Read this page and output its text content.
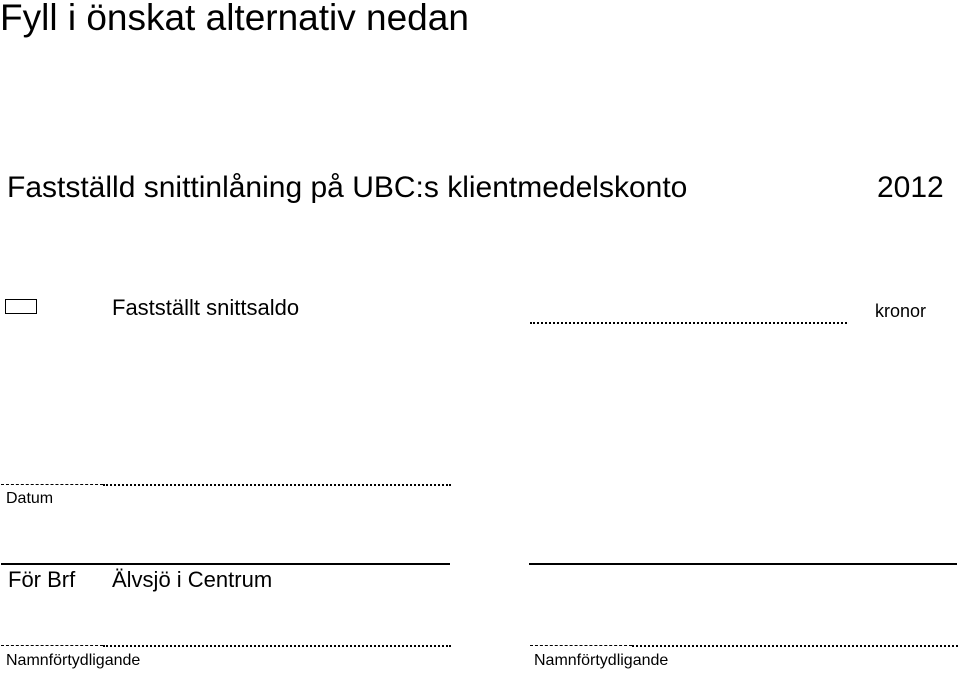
Fyll i önskat alternativ nedan
Fastställd snittinlåning på UBC:s klientmedelskonto	2012
Fastställt snittsaldo	kronor
Datum
För Brf Älvsjö i Centrum
Namnförtydligande	Namnförtydligande
